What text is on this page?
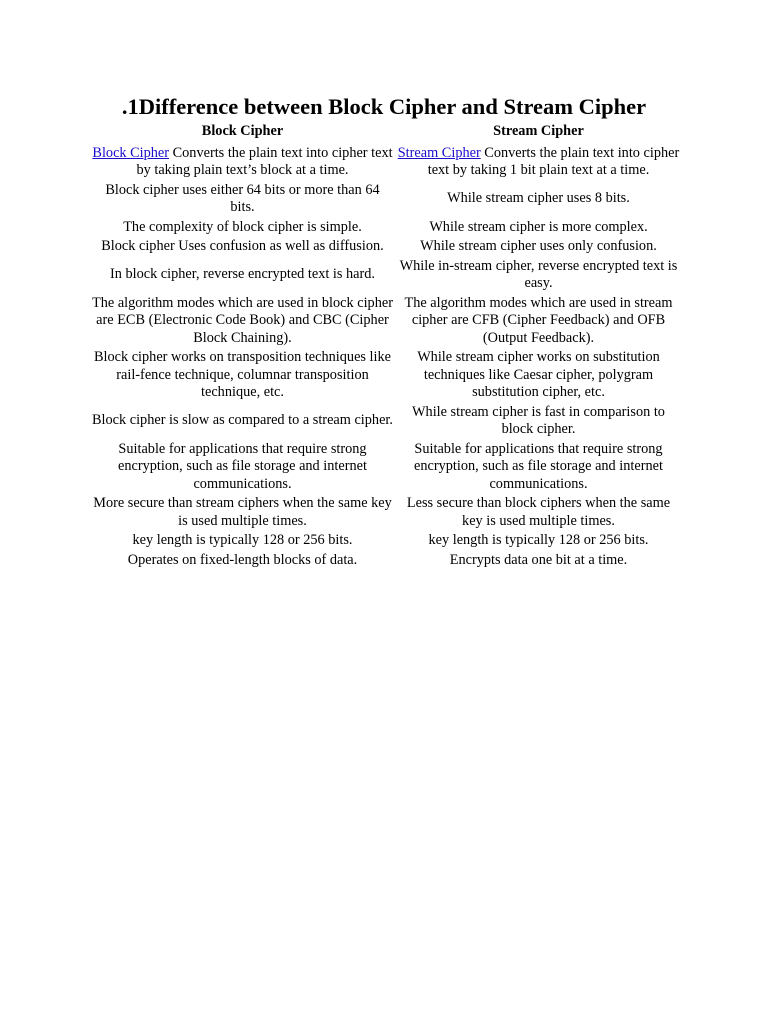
.1Difference between Block Cipher and Stream Cipher
Block Cipher	Stream Cipher
Block Cipher Converts the plain text into cipher text by taking plain text’s block at a time.	Stream Cipher Converts the plain text into cipher text by taking 1 bit plain text at a time.
Block cipher uses either 64 bits or more than 64 bits.	While stream cipher uses 8 bits.
The complexity of block cipher is simple.	While stream cipher is more complex.
Block cipher Uses confusion as well as diffusion.	While stream cipher uses only confusion.
In block cipher, reverse encrypted text is hard.	While in-stream cipher, reverse encrypted text is easy.
The algorithm modes which are used in block cipher are ECB (Electronic Code Book) and CBC (Cipher Block Chaining).	The algorithm modes which are used in stream cipher are CFB (Cipher Feedback) and OFB (Output Feedback).
Block cipher works on transposition techniques like rail-fence technique, columnar transposition technique, etc.	While stream cipher works on substitution techniques like Caesar cipher, polygram substitution cipher, etc.
Block cipher is slow as compared to a stream cipher.	While stream cipher is fast in comparison to block cipher.
Suitable for applications that require strong encryption, such as file storage and internet communications.	Suitable for applications that require strong encryption, such as file storage and internet communications.
More secure than stream ciphers when the same key is used multiple times.	Less secure than block ciphers when the same key is used multiple times.
key length is typically 128 or 256 bits.	key length is typically 128 or 256 bits.
Operates on fixed-length blocks of data.	Encrypts data one bit at a time.
